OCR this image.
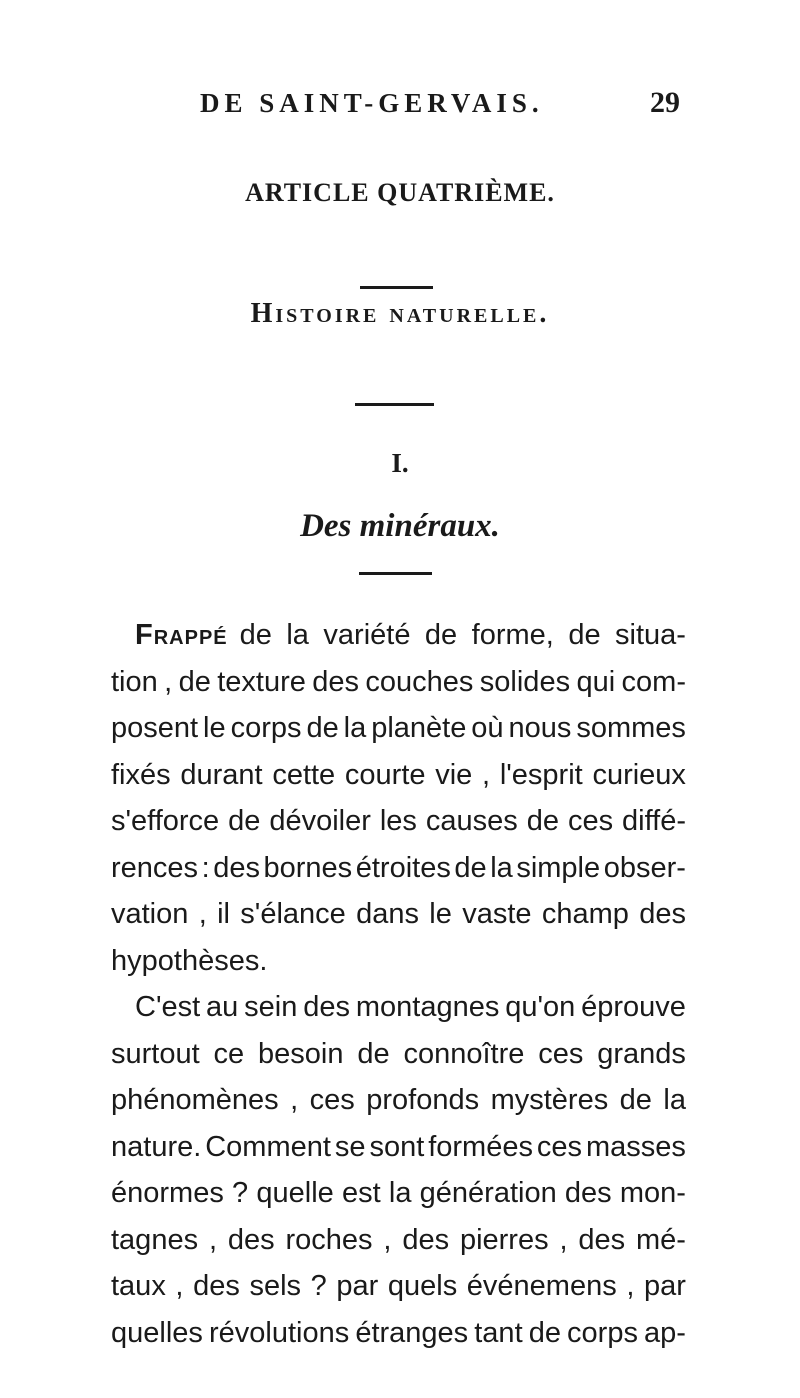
DE SAINT-GERVAIS.	29
ARTICLE QUATRIÈME.
Histoire naturelle.
I.
Des minéraux.
Frappé de la variété de forme, de situa-
tion , de texture des couches solides qui com-
posent le corps de la planète où nous sommes
fixés durant cette courte vie , l'esprit curieux
s'efforce de dévoiler les causes de ces diffé-
rences : des bornes étroites de la simple obser-
vation , il s'élance dans le vaste champ des
hypothèses.
C'est au sein des montagnes qu'on éprouve
surtout ce besoin de connoître ces grands
phénomènes , ces profonds mystères de la
nature. Comment se sont formées ces masses
énormes ? quelle est la génération des mon-
tagnes , des roches , des pierres , des mé-
taux , des sels ? par quels événemens , par
quelles révolutions étranges tant de corps ap-
